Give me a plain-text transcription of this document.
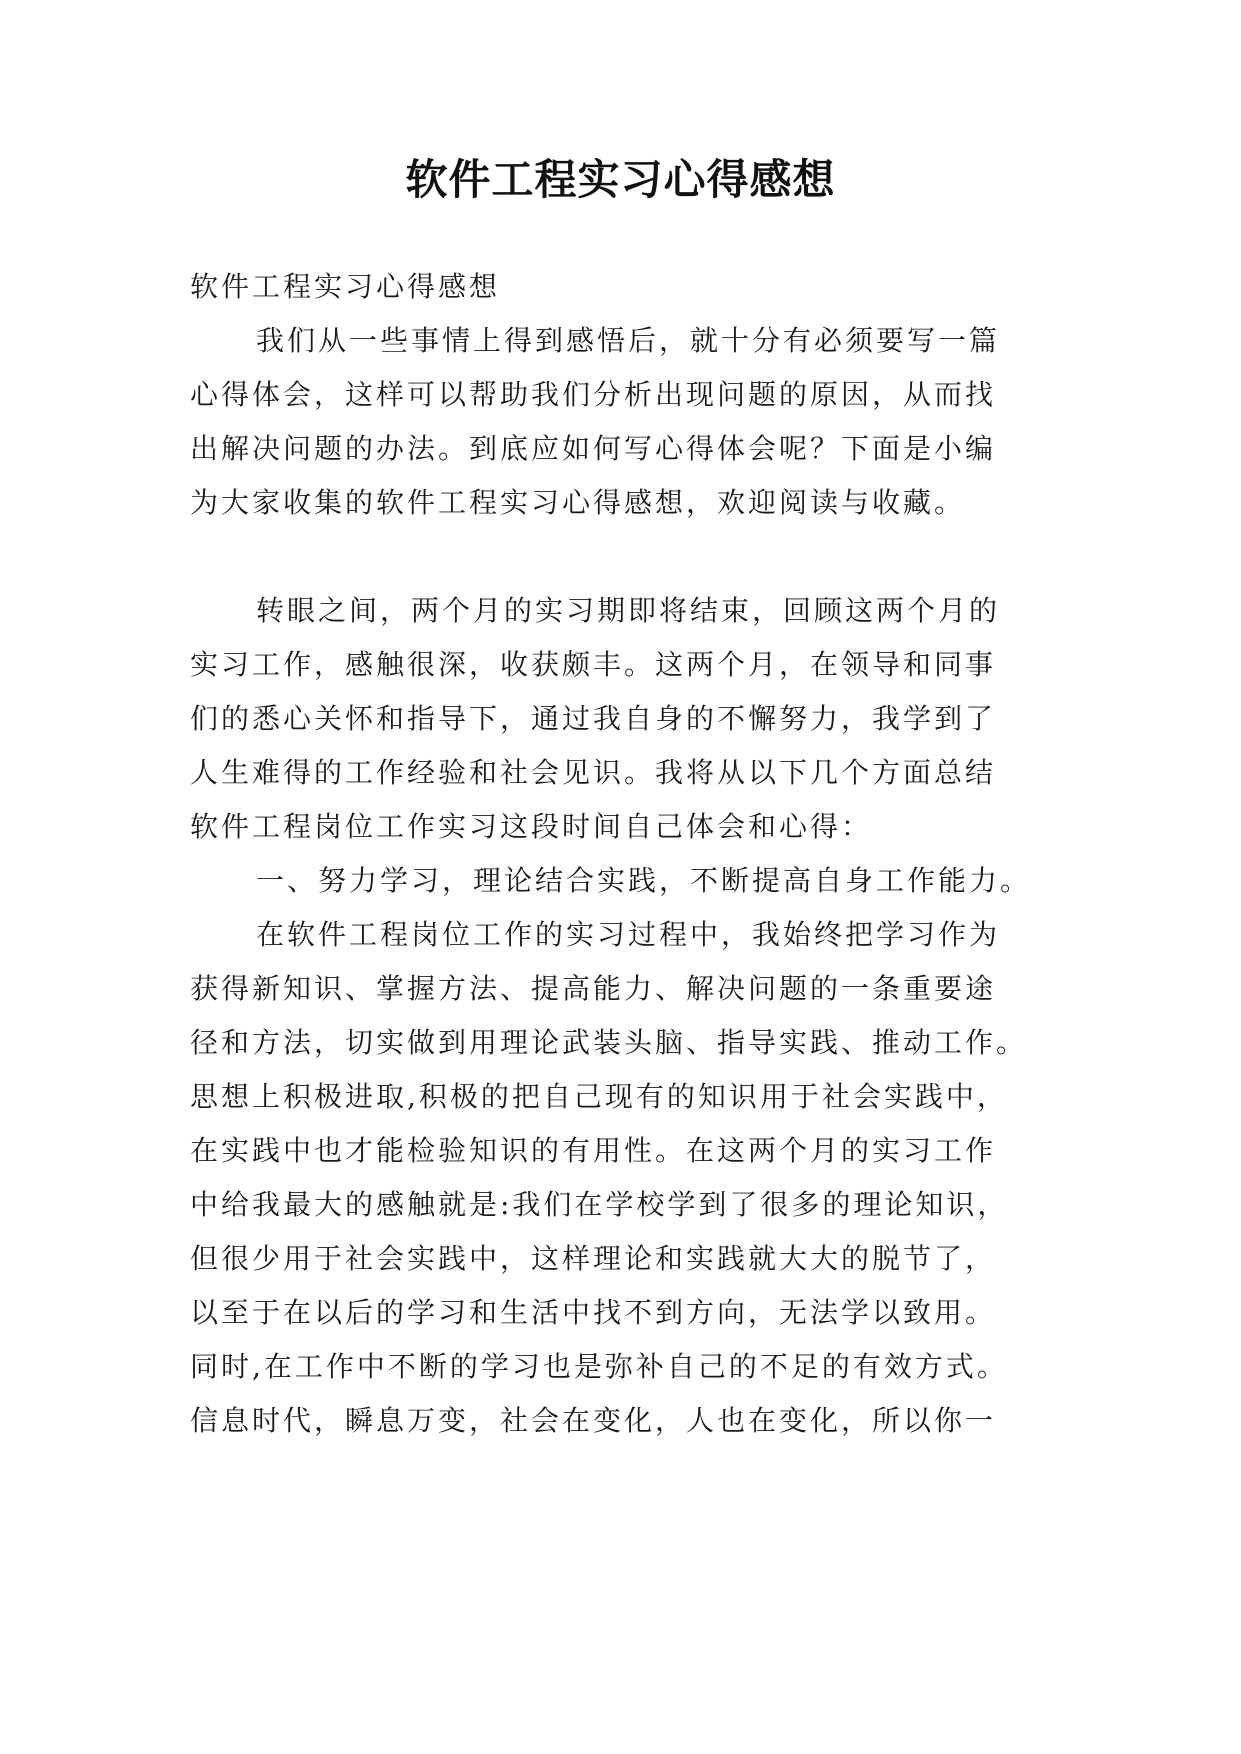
软件工程实习心得感想

软件工程实习心得感想

我们从一些事情上得到感悟后，就十分有必须要写一篇

心得体会，这样可以帮助我们分析出现问题的原因，从而找

出解决问题的办法。到底应如何写心得体会呢？下面是小编

为大家收集的软件工程实习心得感想，欢迎阅读与收藏。

转眼之间，两个月的实习期即将结束，回顾这两个月的

实习工作，感触很深，收获颇丰。这两个月，在领导和同事

们的悉心关怀和指导下，通过我自身的不懈努力，我学到了

人生难得的工作经验和社会见识。我将从以下几个方面总结

软件工程岗位工作实习这段时间自己体会和心得：

一、努力学习，理论结合实践，不断提高自身工作能力。

在软件工程岗位工作的实习过程中，我始终把学习作为

获得新知识、掌握方法、提高能力、解决问题的一条重要途

径和方法，切实做到用理论武装头脑、指导实践、推动工作。

思想上积极进取,积极的把自己现有的知识用于社会实践中，

在实践中也才能检验知识的有用性。在这两个月的实习工作

中给我最大的感触就是:我们在学校学到了很多的理论知识，

但很少用于社会实践中，这样理论和实践就大大的脱节了，

以至于在以后的学习和生活中找不到方向，无法学以致用。

同时,在工作中不断的学习也是弥补自己的不足的有效方式。

信息时代，瞬息万变，社会在变化，人也在变化，所以你一
